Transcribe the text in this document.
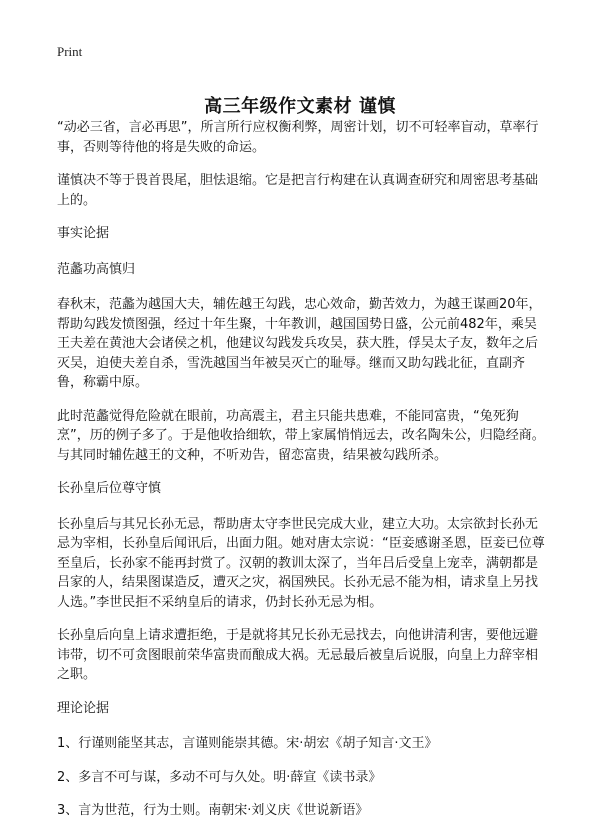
Print
高三年级作文素材 谨慎

“动必三省，言必再思”，所言所行应权衡利弊，周密计划，切不可轻率盲动，草率行事，否则等待他的将是失败的命运。

谨慎决不等于畏首畏尾，胆怯退缩。它是把言行构建在认真调查研究和周密思考基础上的。

事实论据

范蠡功高慎归

春秋末，范蠡为越国大夫，辅佐越王勾践，忠心效命，勤苦效力，为越王谋画20年，帮助勾践发愤图强，经过十年生聚，十年教训，越国国势日盛，公元前482年，乘吴王夫差在黄池大会诸侯之机，他建议勾践发兵攻吴，获大胜，俘吴太子友，数年之后灭吴，迫使夫差自杀，雪洗越国当年被吴灭亡的耻辱。继而又助勾践北征，直副齐鲁，称霸中原。

此时范蠡觉得危险就在眼前，功高震主，君主只能共患难，不能同富贵，“兔死狗烹”，历的例子多了。于是他收拾细软，带上家属悄悄远去，改名陶朱公，归隐经商。与其同时辅佐越王的文种，不听劝告，留恋富贵，结果被勾践所杀。

长孙皇后位尊守慎

长孙皇后与其兄长孙无忌，帮助唐太守李世民完成大业，建立大功。太宗欲封长孙无忌为宰相，长孙皇后闻讯后，出面力阻。她对唐太宗说：“臣妾感谢圣恩，臣妾已位尊至皇后，长孙家不能再封赏了。汉朝的教训太深了，当年吕后受皇上宠幸，满朝都是吕家的人，结果图谋造反，遭灭之灾，祸国殃民。长孙无忌不能为相，请求皇上另找人选。”李世民拒不采纳皇后的请求，仍封长孙无忌为相。

长孙皇后向皇上请求遭拒绝，于是就将其兄长孙无忌找去，向他讲清利害，要他远避讳带，切不可贪图眼前荣华富贵而酿成大祸。无忌最后被皇后说服，向皇上力辞宰相之职。

理论论据

1、行谨则能坚其志，言谨则能崇其德。宋·胡宏《胡子知言·文王》

2、多言不可与谋，多动不可与久处。明·薛宣《读书录》

3、言为世范，行为士则。南朝宋·刘义庆《世说新语》
